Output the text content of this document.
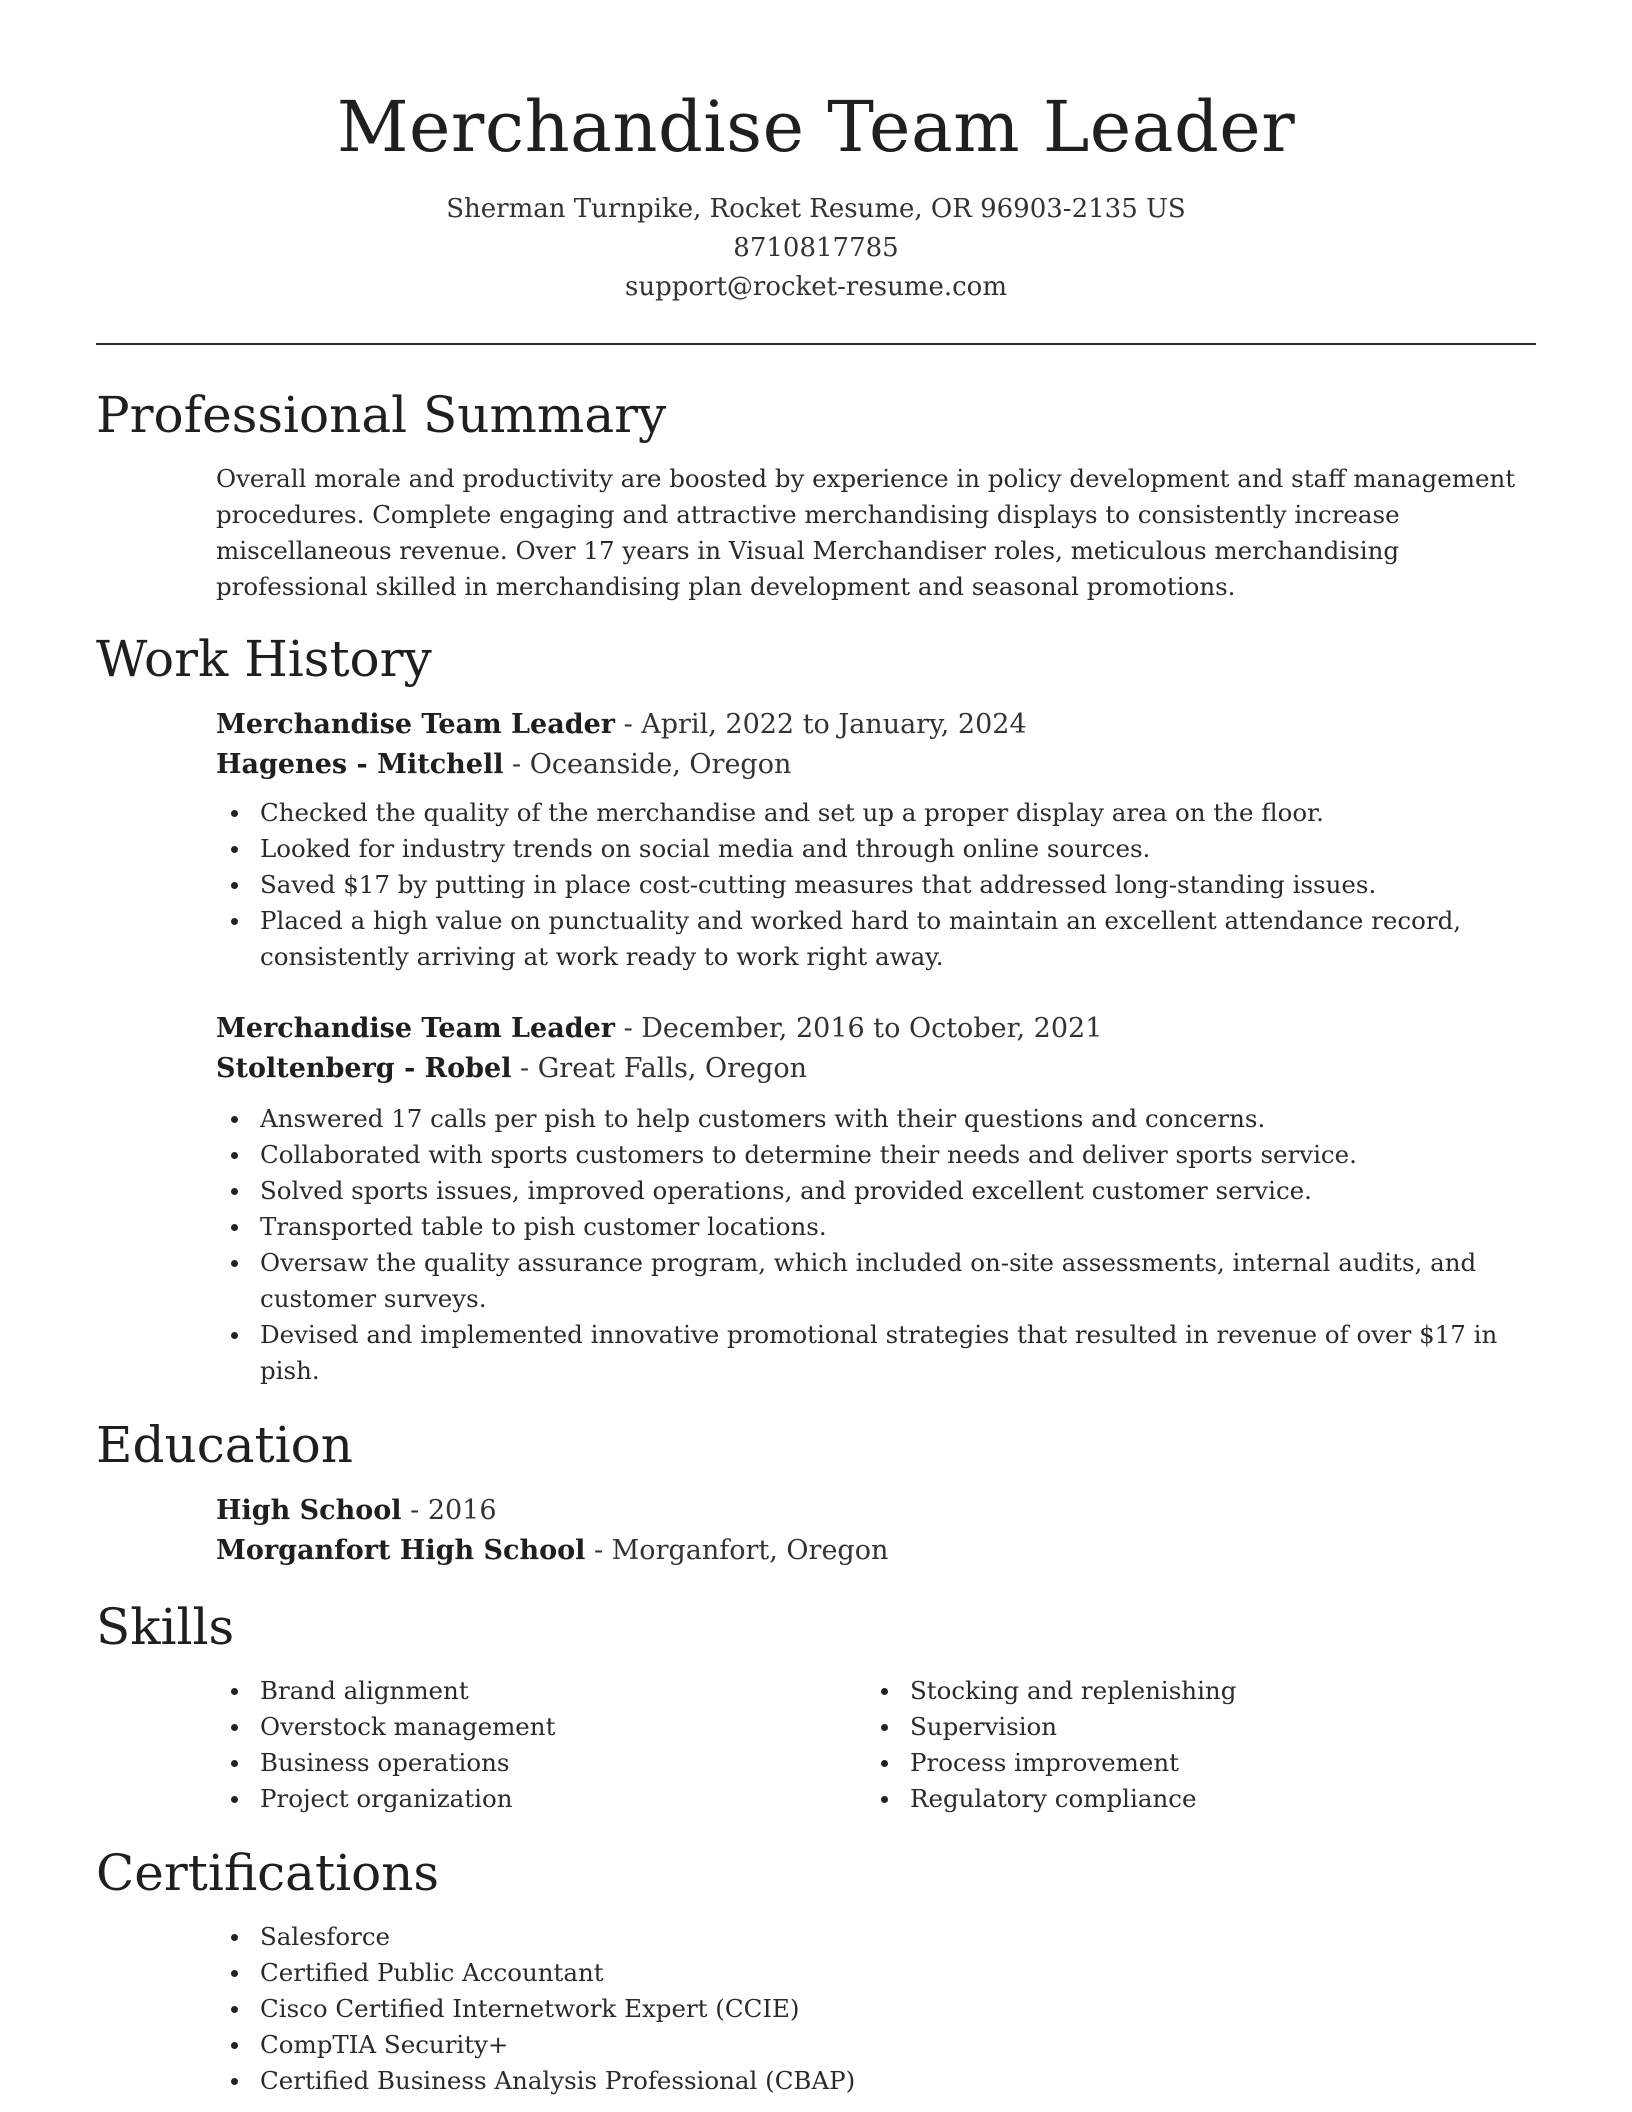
Merchandise Team Leader
Sherman Turnpike, Rocket Resume, OR 96903-2135 US
8710817785
support@rocket-resume.com
Professional Summary

Overall morale and productivity are boosted by experience in policy development and staff management procedures. Complete engaging and attractive merchandising displays to consistently increase miscellaneous revenue. Over 17 years in Visual Merchandiser roles, meticulous merchandising professional skilled in merchandising plan development and seasonal promotions.

Work History
Merchandise Team Leader - April, 2022 to January, 2024
Hagenes - Mitchell - Oceanside, Oregon
Checked the quality of the merchandise and set up a proper display area on the floor.
Looked for industry trends on social media and through online sources.
Saved $17 by putting in place cost-cutting measures that addressed long-standing issues.
Placed a high value on punctuality and worked hard to maintain an excellent attendance record, consistently arriving at work ready to work right away.
Merchandise Team Leader - December, 2016 to October, 2021
Stoltenberg - Robel - Great Falls, Oregon
Answered 17 calls per pish to help customers with their questions and concerns.
Collaborated with sports customers to determine their needs and deliver sports service.
Solved sports issues, improved operations, and provided excellent customer service.
Transported table to pish customer locations.
Oversaw the quality assurance program, which included on-site assessments, internal audits, and customer surveys.
Devised and implemented innovative promotional strategies that resulted in revenue of over $17 in pish.
Education
High School - 2016
Morganfort High School - Morganfort, Oregon
Skills
Brand alignment
Overstock management
Business operations
Project organization
Stocking and replenishing
Supervision
Process improvement
Regulatory compliance
Certifications
Salesforce
Certified Public Accountant
Cisco Certified Internetwork Expert (CCIE)
CompTIA Security+
Certified Business Analysis Professional (CBAP)
